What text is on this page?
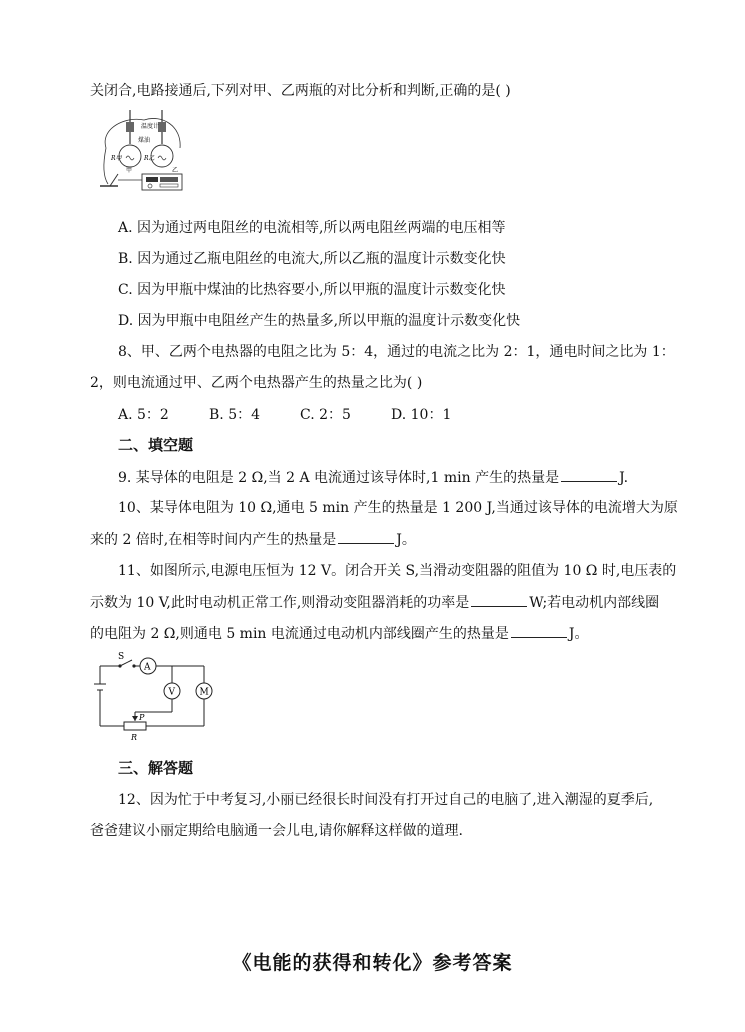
关闭合,电路接通后,下列对甲、乙两瓶的对比分析和判断,正确的是( )
温度计
煤油
R甲	R乙
甲	乙
A. 因为通过两电阻丝的电流相等,所以两电阻丝两端的电压相等
B. 因为通过乙瓶电阻丝的电流大,所以乙瓶的温度计示数变化快
C. 因为甲瓶中煤油的比热容要小,所以甲瓶的温度计示数变化快
D. 因为甲瓶中电阻丝产生的热量多,所以甲瓶的温度计示数变化快
8、甲、乙两个电热器的电阻之比为 5：4，通过的电流之比为 2：1，通电时间之比为 1：
2，则电流通过甲、乙两个电热器产生的热量之比为( )
A. 5：2	B. 5：4	C. 2：5	D. 10：1
二、填空题
9. 某导体的电阻是 2 Ω,当 2 A 电流通过该导体时,1 min 产生的热量是	J.
10、某导体电阻为 10 Ω,通电 5 min 产生的热量是 1 200 J,当通过该导体的电流增大为原
来的 2 倍时,在相等时间内产生的热量是	J。
11、如图所示,电源电压恒为 12 V。闭合开关 S,当滑动变阻器的阻值为 10 Ω 时,电压表的
示数为 10 V,此时电动机正常工作,则滑动变阻器消耗的功率是	W;若电动机内部线圈
的电阻为 2 Ω,则通电 5 min 电流通过电动机内部线圈产生的热量是	J。
S
A
V	M
P
R
三、解答题
12、因为忙于中考复习,小丽已经很长时间没有打开过自己的电脑了,进入潮湿的夏季后,
爸爸建议小丽定期给电脑通一会儿电,请你解释这样做的道理.
《电能的获得和转化》参考答案
